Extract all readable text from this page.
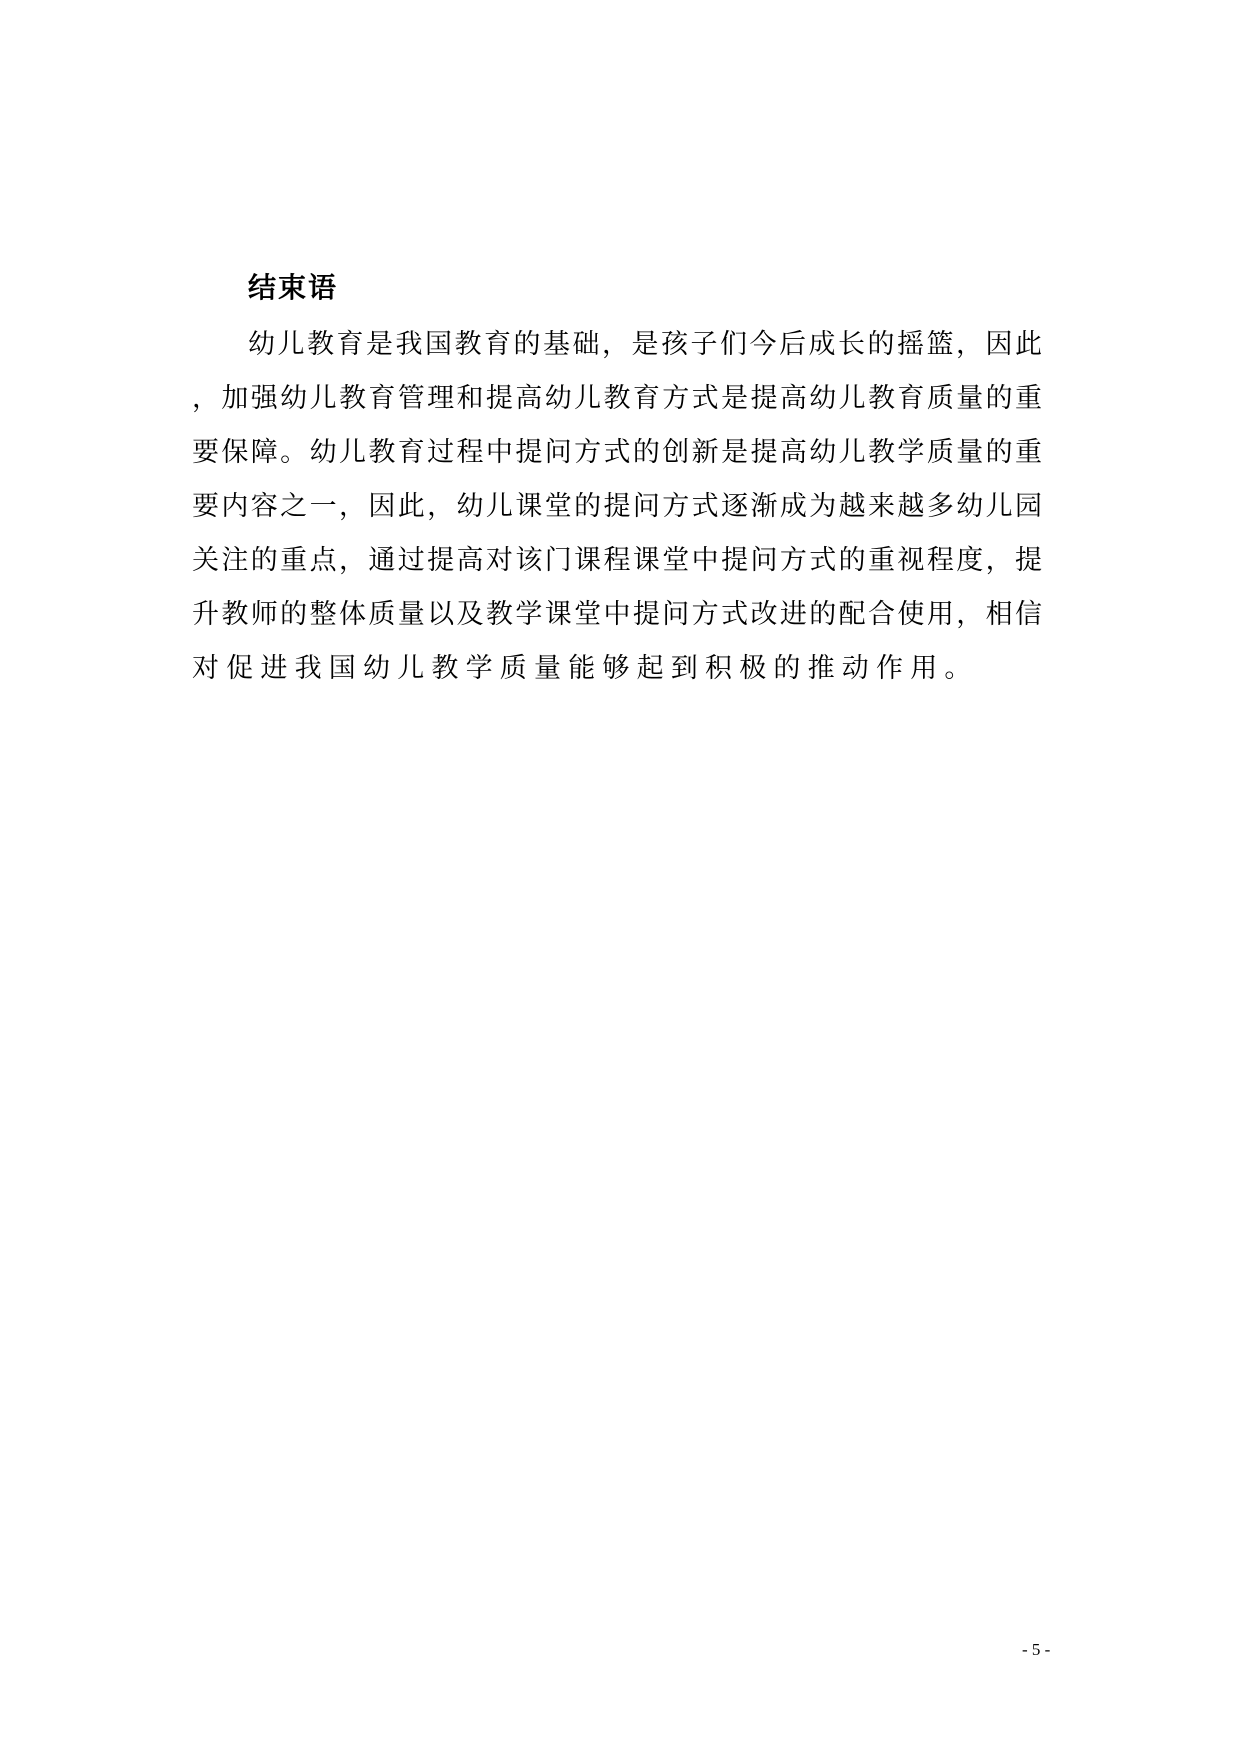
结束语
幼儿教育是我国教育的基础，是孩子们今后成长的摇篮，因此
，加强幼儿教育管理和提高幼儿教育方式是提高幼儿教育质量的重
要保障。幼儿教育过程中提问方式的创新是提高幼儿教学质量的重
要内容之一，因此，幼儿课堂的提问方式逐渐成为越来越多幼儿园
关注的重点，通过提高对该门课程课堂中提问方式的重视程度，提
升教师的整体质量以及教学课堂中提问方式改进的配合使用，相信
对促进我国幼儿教学质量能够起到积极的推动作用。
- 5 -
